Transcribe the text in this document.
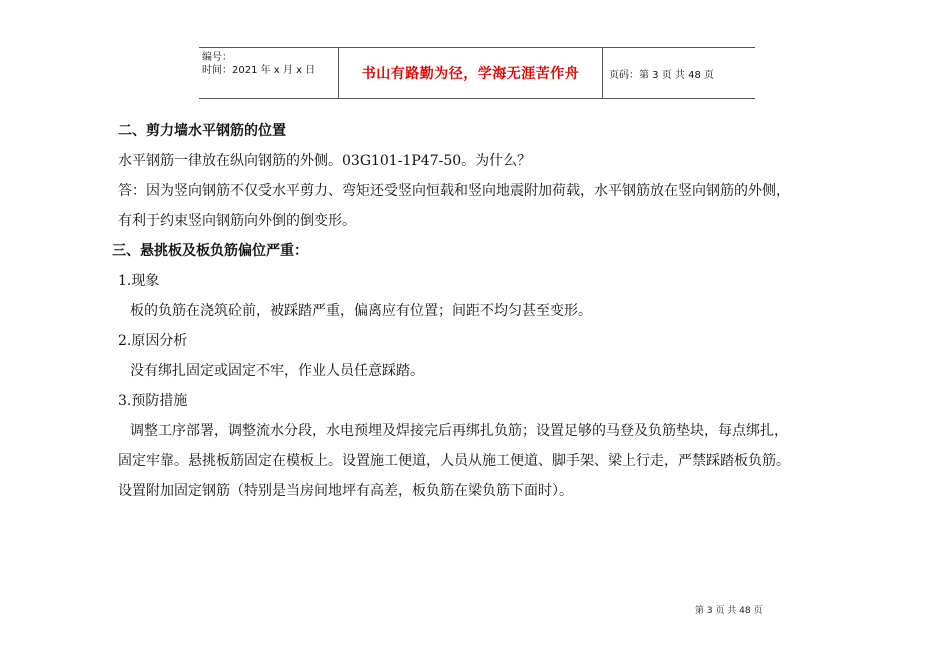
编号：
时间：2021 年 x 月 x 日	书山有路勤为径，学海无涯苦作舟	页码：第 3 页 共 48 页
二、剪力墙水平钢筋的位置
水平钢筋一律放在纵向钢筋的外侧。03G101-1P47-50。为什么？
答：因为竖向钢筋不仅受水平剪力、弯矩还受竖向恒载和竖向地震附加荷载，水平钢筋放在竖向钢筋的外侧，
有利于约束竖向钢筋向外倒的倒变形。
三、悬挑板及板负筋偏位严重：
1.现象
板的负筋在浇筑砼前，被踩踏严重，偏离应有位置；间距不均匀甚至变形。
2.原因分析
没有绑扎固定或固定不牢，作业人员任意踩踏。
3.预防措施
调整工序部署，调整流水分段，水电预埋及焊接完后再绑扎负筋；设置足够的马登及负筋垫块，每点绑扎，
固定牢靠。悬挑板筋固定在模板上。设置施工便道，人员从施工便道、脚手架、梁上行走，严禁踩踏板负筋。
设置附加固定钢筋（特别是当房间地坪有高差，板负筋在梁负筋下面时）。
第 3 页 共 48 页
